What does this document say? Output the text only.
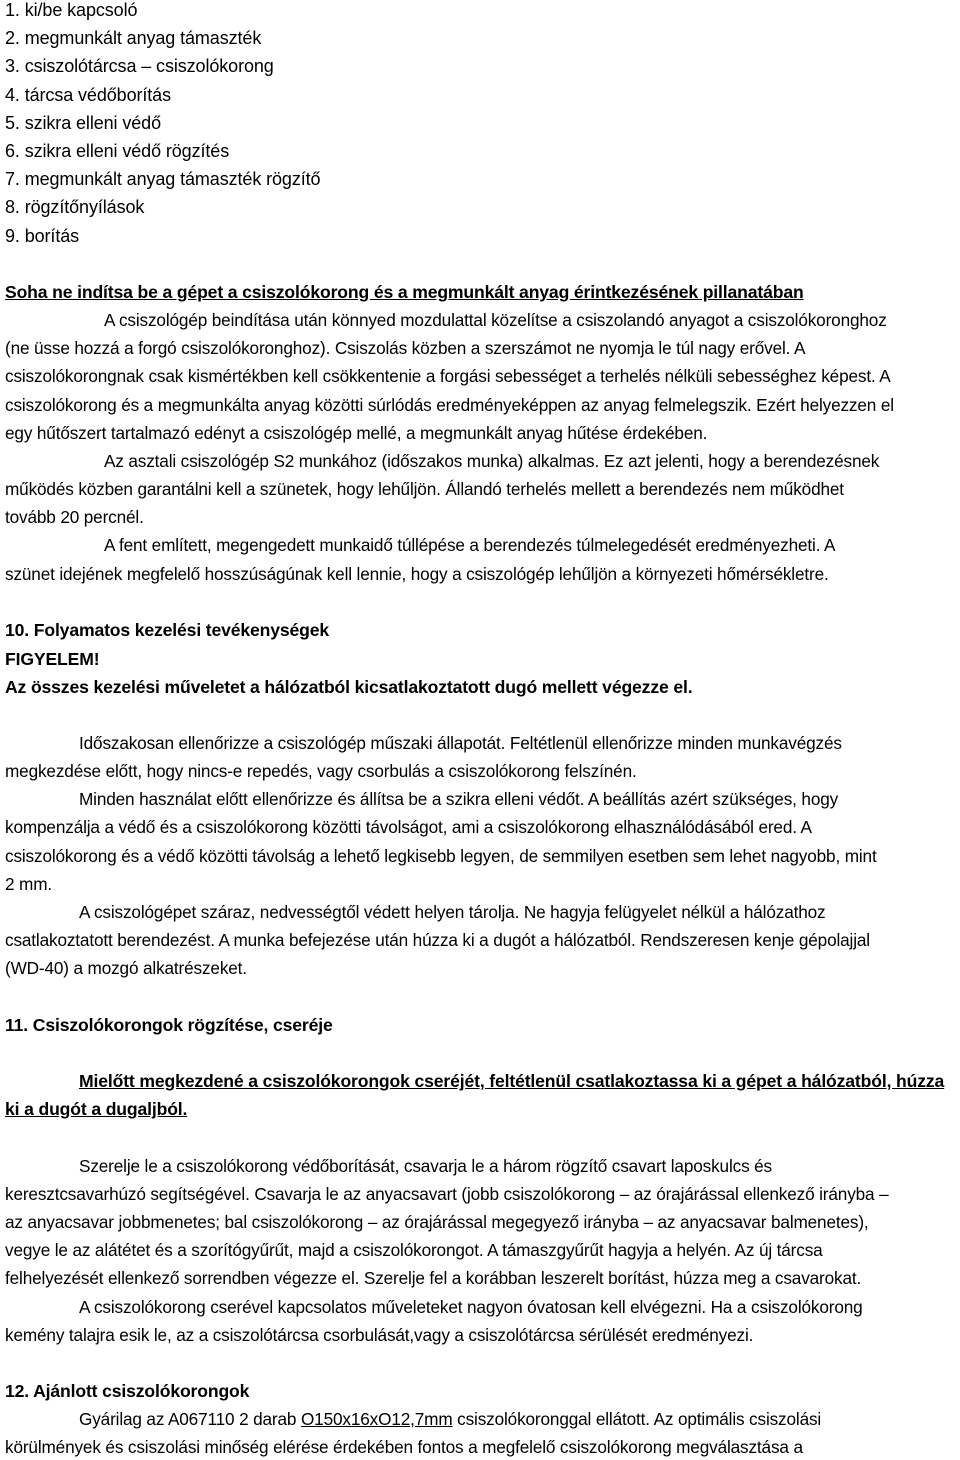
1. ki/be kapcsoló
2. megmunkált anyag támaszték
3. csiszolótárcsa – csiszolókorong
4. tárcsa védőborítás
5. szikra elleni védő
6. szikra elleni védő rögzítés
7. megmunkált anyag támaszték rögzítő
8. rögzítőnyílások
9. borítás

Soha ne indítsa be a gépet a csiszolókorong és a megmunkált anyag érintkezésének pillanatában

A csiszológép beindítása után könnyed mozdulattal közelítse a csiszolandó anyagot a csiszolókoronghoz

(ne üsse hozzá a forgó csiszolókoronghoz). Csiszolás közben a szerszámot ne nyomja le túl nagy erővel. A

csiszolókorongnak csak kismértékben kell csökkentenie a forgási sebességet a terhelés nélküli sebességhez képest. A

csiszolókorong és a megmunkálta anyag közötti súrlódás eredményeképpen az anyag felmelegszik. Ezért helyezzen el

egy hűtőszert tartalmazó edényt a csiszológép mellé, a megmunkált anyag hűtése érdekében.

Az asztali csiszológép S2 munkához (időszakos munka) alkalmas. Ez azt jelenti, hogy a berendezésnek

működés közben garantálni kell a szünetek, hogy lehűljön. Állandó terhelés mellett a berendezés nem működhet

tovább 20 percnél.

A fent említett, megengedett munkaidő túllépése a berendezés túlmelegedését eredményezheti. A

szünet idejének megfelelő hosszúságúnak kell lennie, hogy a csiszológép lehűljön a környezeti hőmérsékletre.

10. Folyamatos kezelési tevékenységek

FIGYELEM!

Az összes kezelési műveletet a hálózatból kicsatlakoztatott dugó mellett végezze el.

Időszakosan ellenőrizze a csiszológép műszaki állapotát. Feltétlenül ellenőrizze minden munkavégzés

megkezdése előtt, hogy nincs-e repedés, vagy csorbulás a csiszolókorong felszínén.

Minden használat előtt ellenőrizze és állítsa be a szikra elleni védőt. A beállítás azért szükséges, hogy

kompenzálja a védő és a csiszolókorong közötti távolságot, ami a csiszolókorong elhasználódásából ered. A

csiszolókorong és a védő közötti távolság a lehető legkisebb legyen, de semmilyen esetben sem lehet nagyobb, mint

2 mm.

A csiszológépet száraz, nedvességtől védett helyen tárolja. Ne hagyja felügyelet nélkül a hálózathoz

csatlakoztatott berendezést. A munka befejezése után húzza ki a dugót a hálózatból. Rendszeresen kenje gépolajjal

(WD-40) a mozgó alkatrészeket.

11. Csiszolókorongok rögzítése, cseréje

Mielőtt megkezdené a csiszolókorongok cseréjét, feltétlenül csatlakoztassa ki a gépet a hálózatból, húzza

ki a dugót a dugaljból.

Szerelje le a csiszolókorong védőborítását, csavarja le a három rögzítő csavart laposkulcs és

keresztcsavarhúzó segítségével. Csavarja le az anyacsavart (jobb csiszolókorong – az órajárással ellenkező irányba –

az anyacsavar jobbmenetes; bal csiszolókorong – az órajárással megegyező irányba – az anyacsavar balmenetes),

vegye le az alátétet és a szorítógyűrűt, majd a csiszolókorongot. A támaszgyűrűt hagyja a helyén. Az új tárcsa

felhelyezését ellenkező sorrendben végezze el. Szerelje fel a korábban leszerelt borítást, húzza meg a csavarokat.

A csiszolókorong cserével kapcsolatos műveleteket nagyon óvatosan kell elvégezni. Ha a csiszolókorong

kemény talajra esik le, az a csiszolótárcsa csorbulását,vagy a csiszolótárcsa sérülését eredményezi.

12. Ajánlott csiszolókorongok

Gyárilag az A067110 2 darab O150x16xO12,7mm csiszolókoronggal ellátott. Az optimális csiszolási

körülmények és csiszolási minőség elérése érdekében fontos a megfelelő csiszolókorong megválasztása a
